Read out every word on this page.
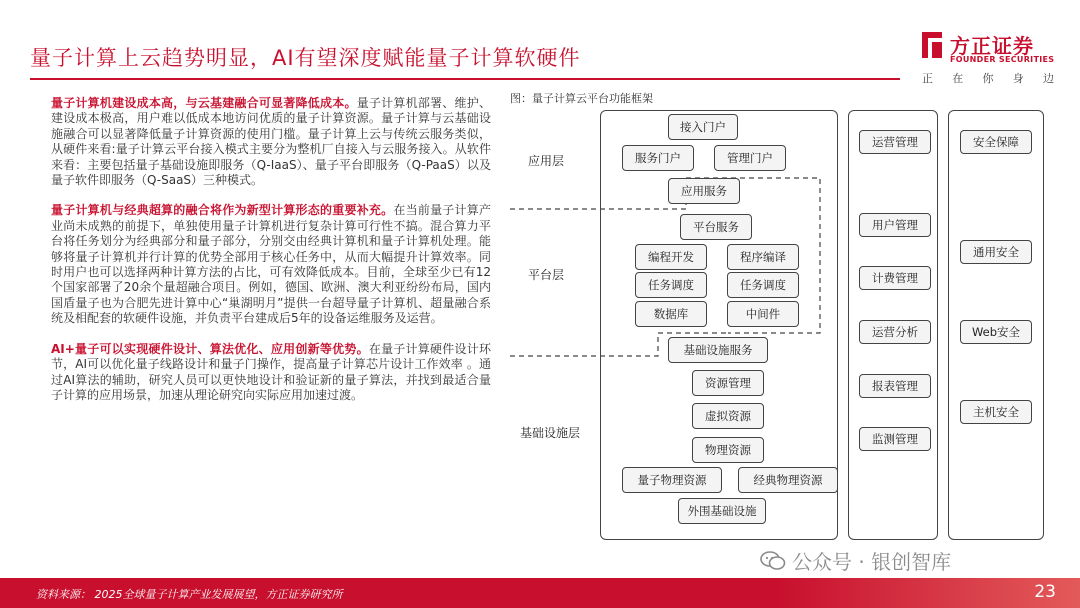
量子计算上云趋势明显，AI有望深度赋能量子计算软硬件	方正证券
FOUNDER SECURITIES
正 在 你 身 边

量子计算机建设成本高，与云基建融合可显著降低成本。量子计算机部署、维护、建设成本极高，用户难以低成本地访问优质的量子计算资源。量子计算与云基础设施融合可以显著降低量子计算资源的使用门槛。量子计算上云与传统云服务类似，从硬件来看:量子计算云平台接入模式主要分为整机厂自接入与云服务接入。从软件来看：主要包括量子基础设施即服务（Q-IaaS）、量子平台即服务（Q-PaaS）以及量子软件即服务（Q-SaaS）三种模式。

量子计算机与经典超算的融合将作为新型计算形态的重要补充。在当前量子计算产业尚未成熟的前提下，单独使用量子计算机进行复杂计算可行性不搞。混合算力平台将任务划分为经典部分和量子部分，分别交由经典计算机和量子计算机处理。能够将量子计算机并行计算的优势全部用于核心任务中，从而大幅提升计算效率。同时用户也可以选择两种计算方法的占比，可有效降低成本。目前，全球至少已有12个国家部署了20余个量超融合项目。例如，德国、欧洲、澳大利亚纷纷布局，国内国盾量子也为合肥先进计算中心“巢湖明月”提供一台超导量子计算机、超量融合系统及相配套的软硬件设施，并负责平台建成后5年的设备运维服务及运营。

AI+量子可以实现硬件设计、算法优化、应用创新等优势。在量子计算硬件设计环节，AI可以优化量子线路设计和量子门操作，提高量子计算芯片设计工作效率 。通过AI算法的辅助，研究人员可以更快地设计和验证新的量子算法，并找到最适合量子计算的应用场景，加速从理论研究向实际应用加速过渡。

图：量子计算云平台功能框架
应用层
平台层
基础设施层
接入门户
服务门户	管理门户
应用服务
平台服务
编程开发	程序编译
任务调度	任务调度
数据库	中间件
基础设施服务
资源管理
虚拟资源
物理资源
量子物理资源	经典物理资源
外围基础设施
运营管理
用户管理
计费管理
运营分析
报表管理
监测管理
安全保障
通用安全
Web安全
主机安全
公众号 · 银创智库
资料来源： 2025全球量子计算产业发展展望，方正证券研究所	23
